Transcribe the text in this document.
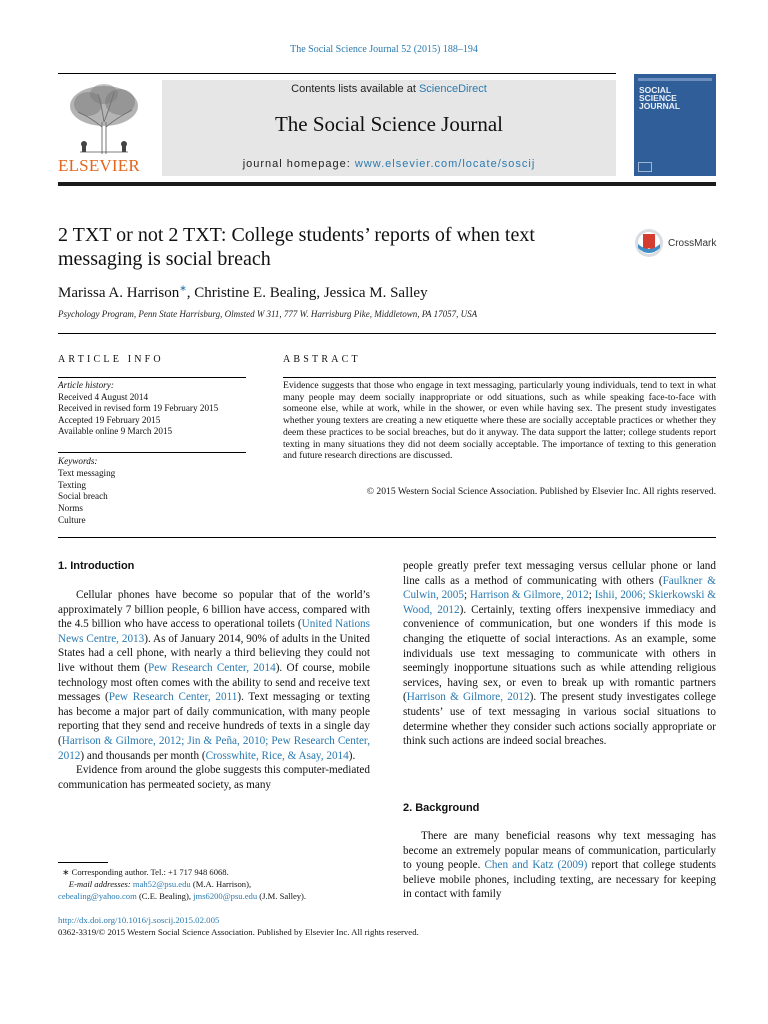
The Social Science Journal 52 (2015) 188–194
ELSEVIER
Contents lists available at ScienceDirect
The Social Science Journal
journal homepage: www.elsevier.com/locate/soscij
SOCIAL
SCIENCE
JOURNAL
2 TXT or not 2 TXT: College students’ reports of when text messaging is social breach
CrossMark
Marissa A. Harrison∗, Christine E. Bealing, Jessica M. Salley
Psychology Program, Penn State Harrisburg, Olmsted W 311, 777 W. Harrisburg Pike, Middletown, PA 17057, USA
ARTICLE INFO	ABSTRACT
Article history:
Received 4 August 2014
Received in revised form 19 February 2015
Accepted 19 February 2015
Available online 9 March 2015
Keywords:
Text messaging
Texting
Social breach
Norms
Culture
Evidence suggests that those who engage in text messaging, particularly young individuals, tend to text in what many people may deem socially inappropriate or odd situations, such as while speaking face-to-face with someone else, while at work, while in the shower, or even while having sex. The present study investigates whether young texters are creating a new etiquette where these are socially acceptable practices or whether they deem these practices to be social breaches, but do it anyway. The data support the latter; college students report texting in many situations they did not deem socially acceptable. The importance of texting to this generation and future research directions are discussed.
© 2015 Western Social Science Association. Published by Elsevier Inc. All rights reserved.
1. Introduction

Cellular phones have become so popular that of the world’s approximately 7 billion people, 6 billion have access, compared with the 4.5 billion who have access to operational toilets (United Nations News Centre, 2013). As of January 2014, 90% of adults in the United States had a cell phone, with nearly a third believing they could not live without them (Pew Research Center, 2014). Of course, mobile technology most often comes with the ability to send and receive text messages (Pew Research Center, 2011). Text messaging or texting has become a major part of daily communication, with many people reporting that they send and receive hundreds of texts in a single day (Harrison & Gilmore, 2012; Jin & Peña, 2010; Pew Research Center, 2012) and thousands per month (Crosswhite, Rice, & Asay, 2014).

Evidence from around the globe suggests this computer-mediated communication has permeated society, as many

people greatly prefer text messaging versus cellular phone or land line calls as a method of communicating with others (Faulkner & Culwin, 2005; Harrison & Gilmore, 2012; Ishii, 2006; Skierkowski & Wood, 2012). Certainly, texting offers inexpensive immediacy and convenience of communication, but one wonders if this mode is changing the etiquette of social interactions. As an example, some individuals use text messaging to communicate with others in seemingly inopportune situations such as while attending religious services, having sex, or even to break up with romantic partners (Harrison & Gilmore, 2012). The present study investigates college students’ use of text messaging in various social situations to determine whether they consider such actions socially appropriate or think such actions are indeed social breaches.

2. Background

There are many beneficial reasons why text messaging has become an extremely popular means of communication, particularly to young people. Chen and Katz (2009) report that college students believe mobile phones, including texting, are necessary for keeping in contact with family

∗ Corresponding author. Tel.: +1 717 948 6068.
E-mail addresses: mah52@psu.edu (M.A. Harrison),
cebealing@yahoo.com (C.E. Bealing), jms6200@psu.edu (J.M. Salley).
http://dx.doi.org/10.1016/j.soscij.2015.02.005
0362-3319/© 2015 Western Social Science Association. Published by Elsevier Inc. All rights reserved.
